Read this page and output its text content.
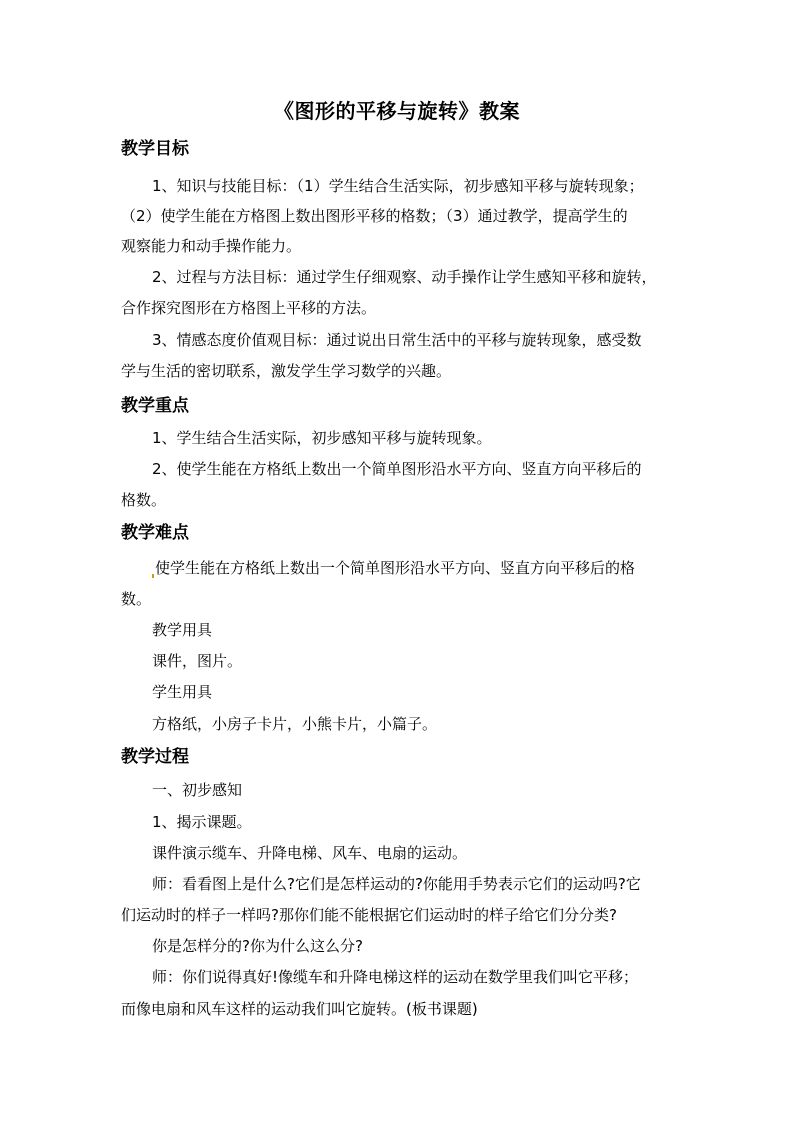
《图形的平移与旋转》教案
教学目标
1、知识与技能目标：（1）学生结合生活实际，初步感知平移与旋转现象；
（2）使学生能在方格图上数出图形平移的格数；（3）通过教学，提高学生的
观察能力和动手操作能力。
2、过程与方法目标：通过学生仔细观察、动手操作让学生感知平移和旋转，
合作探究图形在方格图上平移的方法。
3、情感态度价值观目标：通过说出日常生活中的平移与旋转现象，感受数
学与生活的密切联系，激发学生学习数学的兴趣。
教学重点
1、学生结合生活实际，初步感知平移与旋转现象。
2、使学生能在方格纸上数出一个简单图形沿水平方向、竖直方向平移后的
格数。
教学难点
使学生能在方格纸上数出一个简单图形沿水平方向、竖直方向平移后的格
数。
教学用具
课件，图片。
学生用具
方格纸，小房子卡片，小熊卡片，小篇子。
教学过程
一、初步感知
1、揭示课题。
课件演示缆车、升降电梯、风车、电扇的运动。
师：看看图上是什么?它们是怎样运动的?你能用手势表示它们的运动吗?它
们运动时的样子一样吗?那你们能不能根据它们运动时的样子给它们分分类?
你是怎样分的?你为什么这么分?
师：你们说得真好!像缆车和升降电梯这样的运动在数学里我们叫它平移；
而像电扇和风车这样的运动我们叫它旋转。(板书课题)
